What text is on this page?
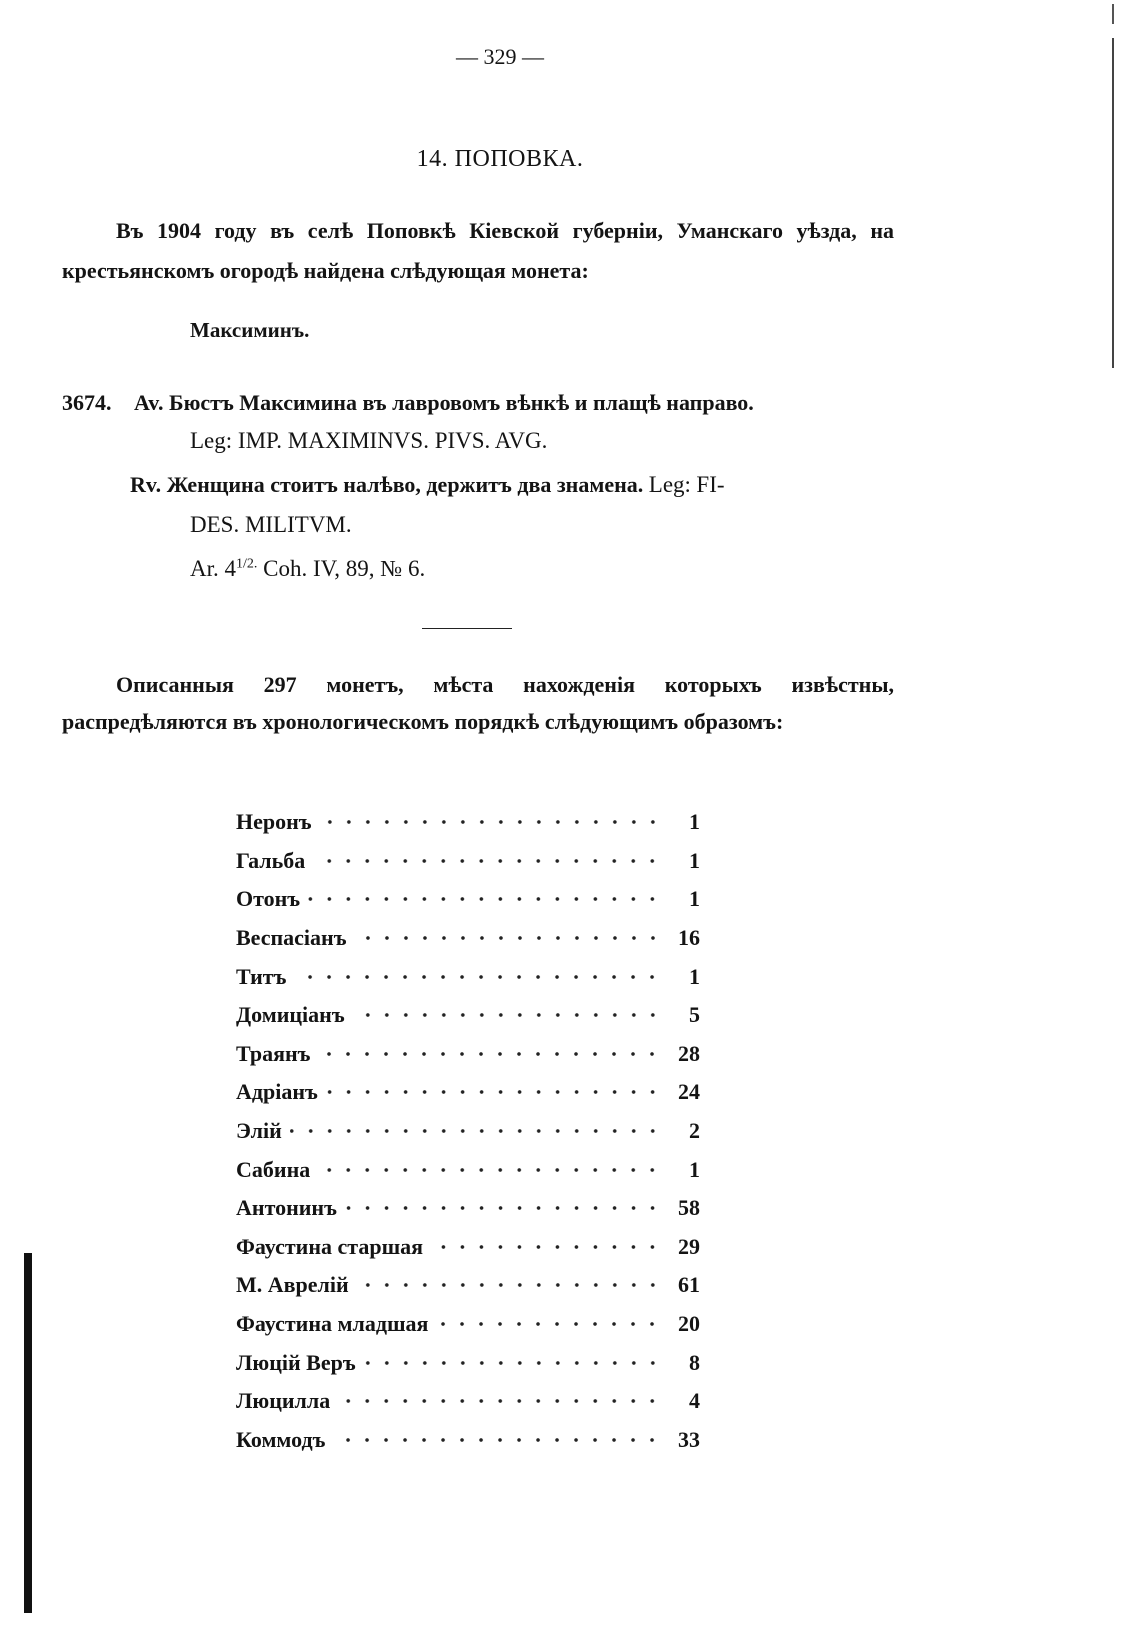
— 329 —
14. ПОПОВКА.
Въ 1904 году въ селѣ Поповкѣ Кіевской губерніи, Уманскаго уѣзда, на крестьянскомъ огородѣ найдена слѣдующая монета:
Максиминъ.
3674. Av. Бюстъ Максимина въ лавровомъ вѣнкѣ и плащѣ направо.
Leg: IMP. MAXIMINVS. PIVS. AVG.
Rv. Женщина стоитъ налѣво, держитъ два знамена. Leg: FI-
DES. MILITVM.
Ar. $4^{1/2.}$ Coh. IV, 89, № 6.
Описанныя 297 монетъ, мѣста нахожденія которыхъ извѣстны, распредѣляются въ хронологическомъ порядкѣ слѣдующимъ образомъ:
Неронъ	1
Гальба	1
Отонъ	1
Веспасіанъ	16
Титъ	1
Домиціанъ	5
Траянъ	28
Адріанъ	24
Элій	2
Сабина	1
Антонинъ	58
Фаустина старшая	29
М. Аврелій	61
Фаустина младшая	20
Люцій Веръ	8
Люцилла	4
Коммодъ	33
